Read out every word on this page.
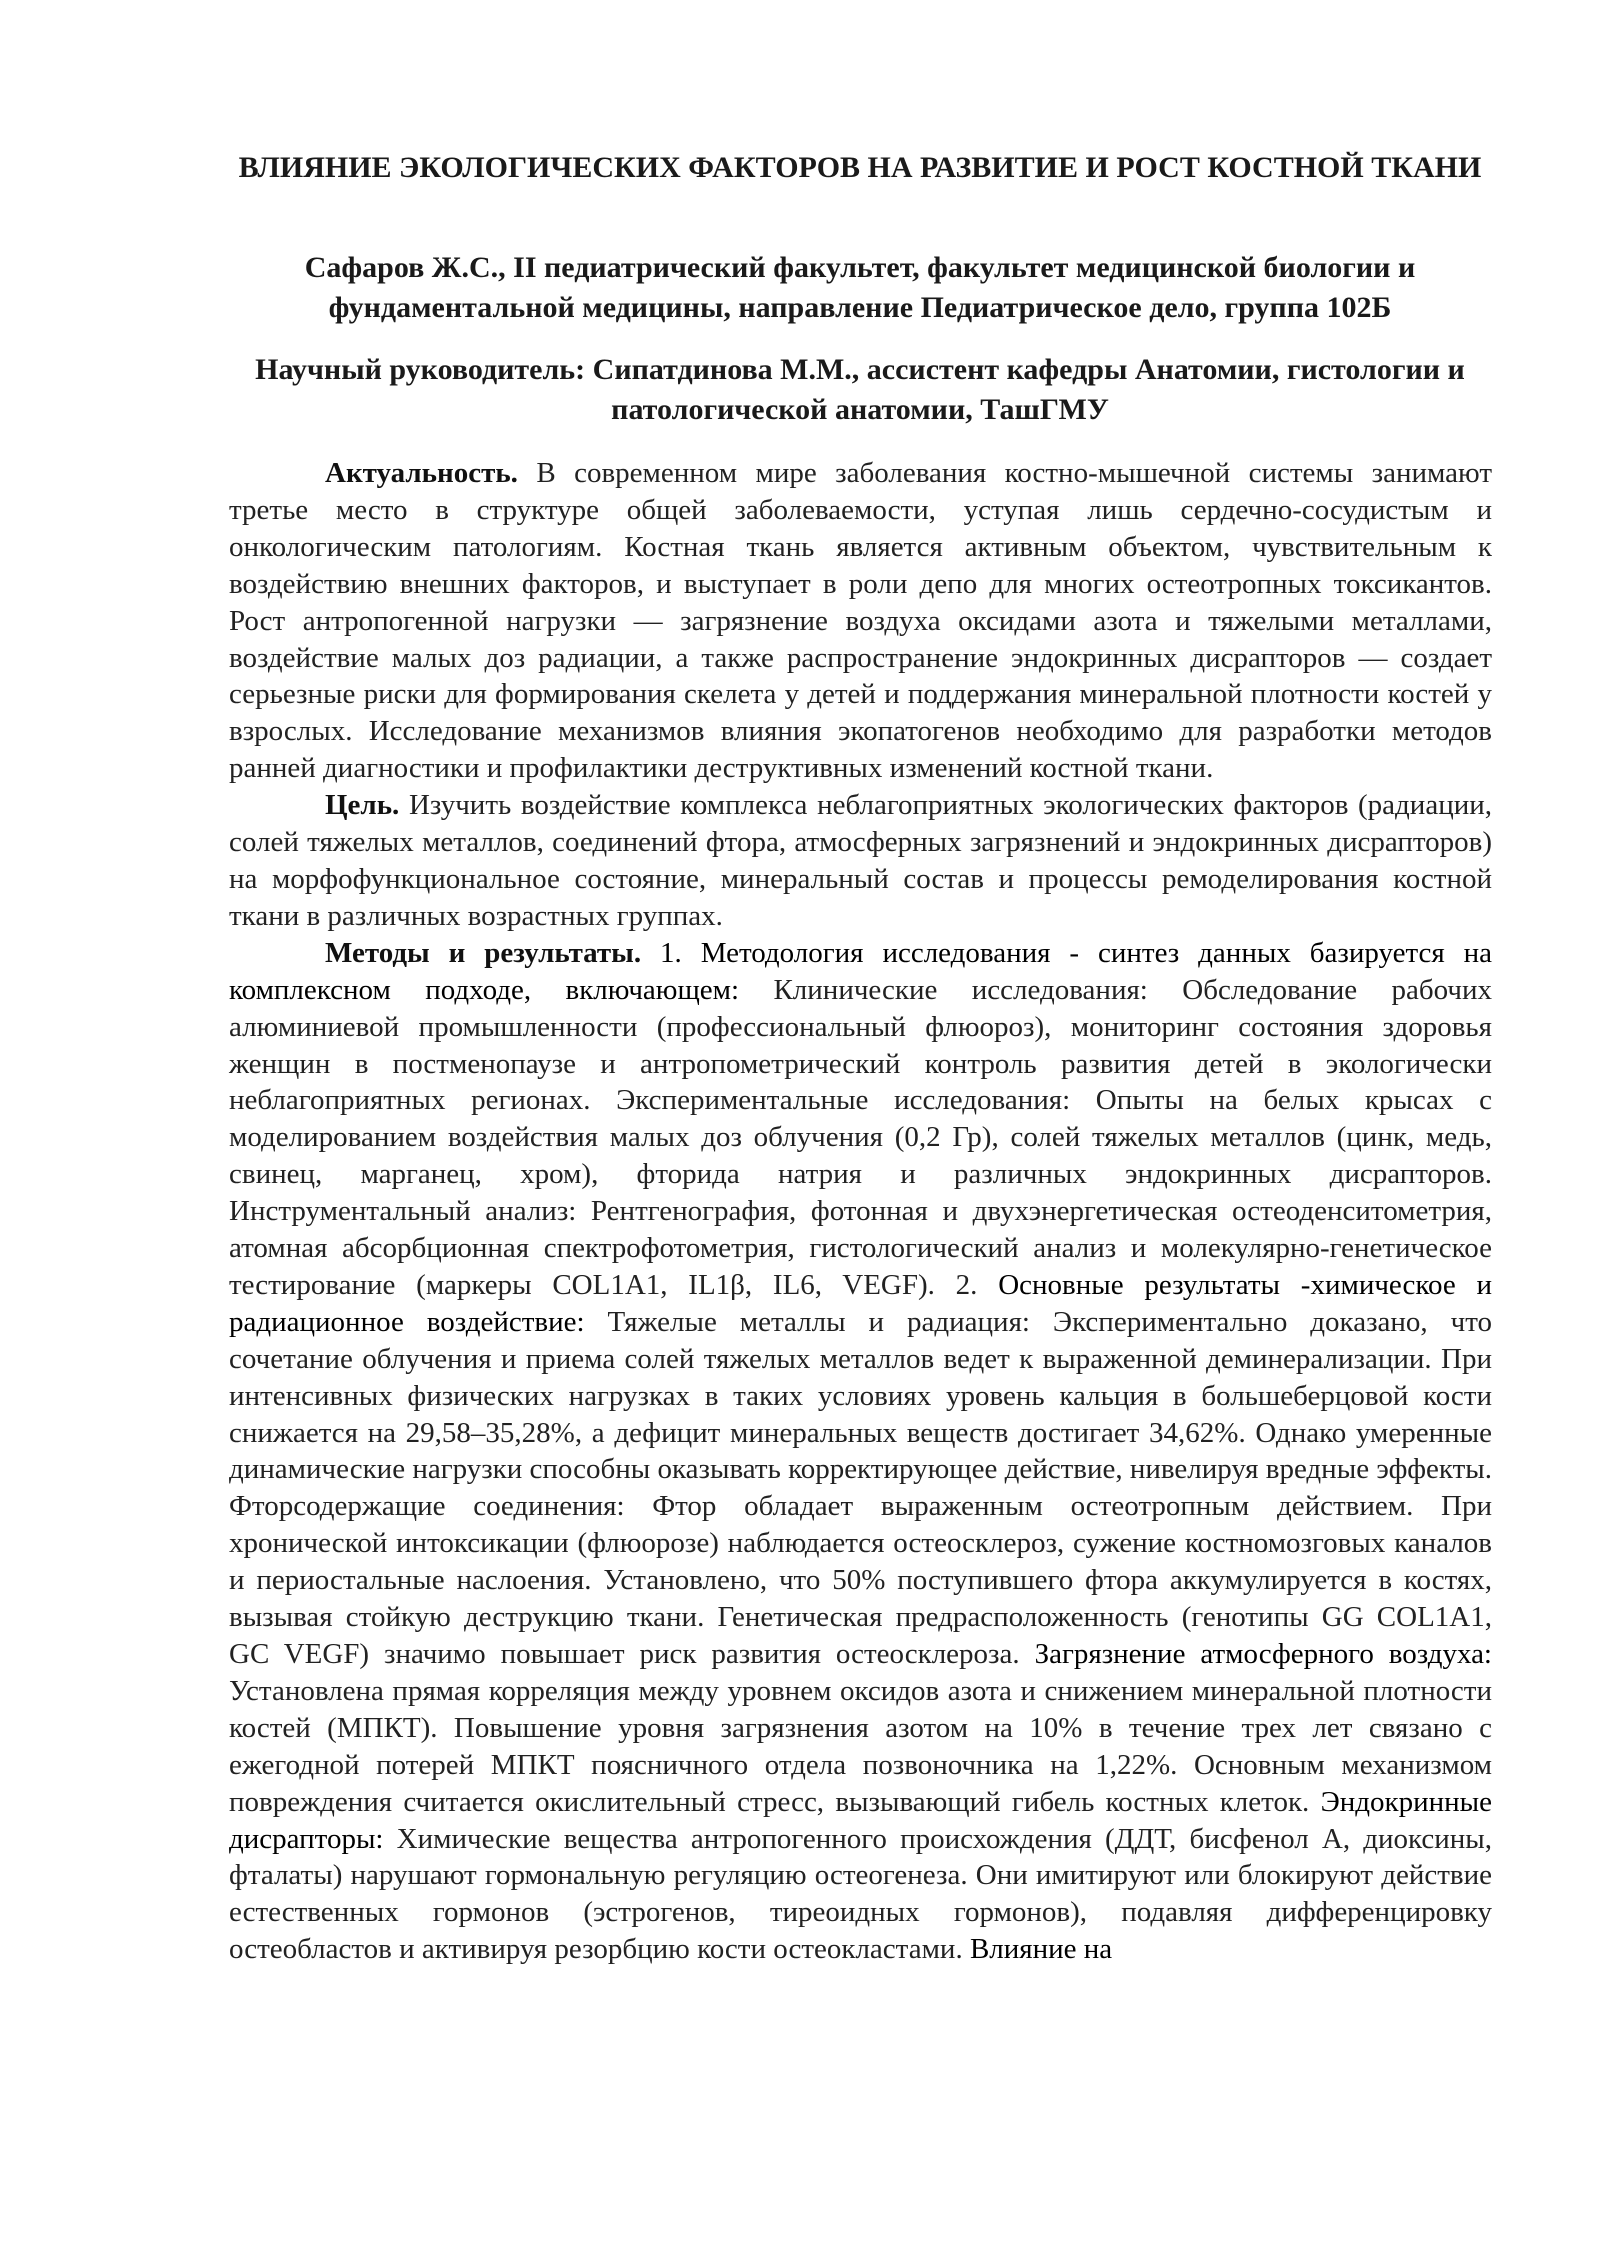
ВЛИЯНИЕ ЭКОЛОГИЧЕСКИХ ФАКТОРОВ НА РАЗВИТИЕ И РОСТ КОСТНОЙ ТКАНИ
Сафаров Ж.С., II педиатрический факультет, факультет медицинской биологии и фундаментальной медицины, направление Педиатрическое дело, группа 102Б
Научный руководитель: Сипатдинова М.М., ассистент кафедры Анатомии, гистологии и патологической анатомии, ТашГМУ

Актуальность. В современном мире заболевания костно-мышечной системы занимают третье место в структуре общей заболеваемости, уступая лишь сердечно-сосудистым и онкологическим патологиям. Костная ткань является активным объектом, чувствительным к воздействию внешних факторов, и выступает в роли депо для многих остеотропных токсикантов. Рост антропогенной нагрузки — загрязнение воздуха оксидами азота и тяжелыми металлами, воздействие малых доз радиации, а также распространение эндокринных дисрапторов — создает серьезные риски для формирования скелета у детей и поддержания минеральной плотности костей у взрослых. Исследование механизмов влияния экопатогенов необходимо для разработки методов ранней диагностики и профилактики деструктивных изменений костной ткани.

Цель. Изучить воздействие комплекса неблагоприятных экологических факторов (радиации, солей тяжелых металлов, соединений фтора, атмосферных загрязнений и эндокринных дисрапторов) на морфофункциональное состояние, минеральный состав и процессы ремоделирования костной ткани в различных возрастных группах.

Методы и результаты. 1. Методология исследования - синтез данных базируется на комплексном подходе, включающем: Клинические исследования: Обследование рабочих алюминиевой промышленности (профессиональный флюороз), мониторинг состояния здоровья женщин в постменопаузе и антропометрический контроль развития детей в экологически неблагоприятных регионах. Экспериментальные исследования: Опыты на белых крысах с моделированием воздействия малых доз облучения (0,2 Гр), солей тяжелых металлов (цинк, медь, свинец, марганец, хром), фторида натрия и различных эндокринных дисрапторов. Инструментальный анализ: Рентгенография, фотонная и двухэнергетическая остеоденситометрия, атомная абсорбционная спектрофотометрия, гистологический анализ и молекулярно-генетическое тестирование (маркеры COL1A1, IL1β, IL6, VEGF). 2. Основные результаты -химическое и радиационное воздействие: Тяжелые металлы и радиация: Экспериментально доказано, что сочетание облучения и приема солей тяжелых металлов ведет к выраженной деминерализации. При интенсивных физических нагрузках в таких условиях уровень кальция в большеберцовой кости снижается на 29,58–35,28%, а дефицит минеральных веществ достигает 34,62%. Однако умеренные динамические нагрузки способны оказывать корректирующее действие, нивелируя вредные эффекты. Фторсодержащие соединения: Фтор обладает выраженным остеотропным действием. При хронической интоксикации (флюорозе) наблюдается остеосклероз, сужение костномозговых каналов и периостальные наслоения. Установлено, что 50% поступившего фтора аккумулируется в костях, вызывая стойкую деструкцию ткани. Генетическая предрасположенность (генотипы GG COL1A1, GC VEGF) значимо повышает риск развития остеосклероза. Загрязнение атмосферного воздуха: Установлена прямая корреляция между уровнем оксидов азота и снижением минеральной плотности костей (МПКТ). Повышение уровня загрязнения азотом на 10% в течение трех лет связано с ежегодной потерей МПКТ поясничного отдела позвоночника на 1,22%. Основным механизмом повреждения считается окислительный стресс, вызывающий гибель костных клеток. Эндокринные дисрапторы: Химические вещества антропогенного происхождения (ДДТ, бисфенол А, диоксины, фталаты) нарушают гормональную регуляцию остеогенеза. Они имитируют или блокируют действие естественных гормонов (эстрогенов, тиреоидных гормонов), подавляя дифференцировку остеобластов и активируя резорбцию кости остеокластами. Влияние на
